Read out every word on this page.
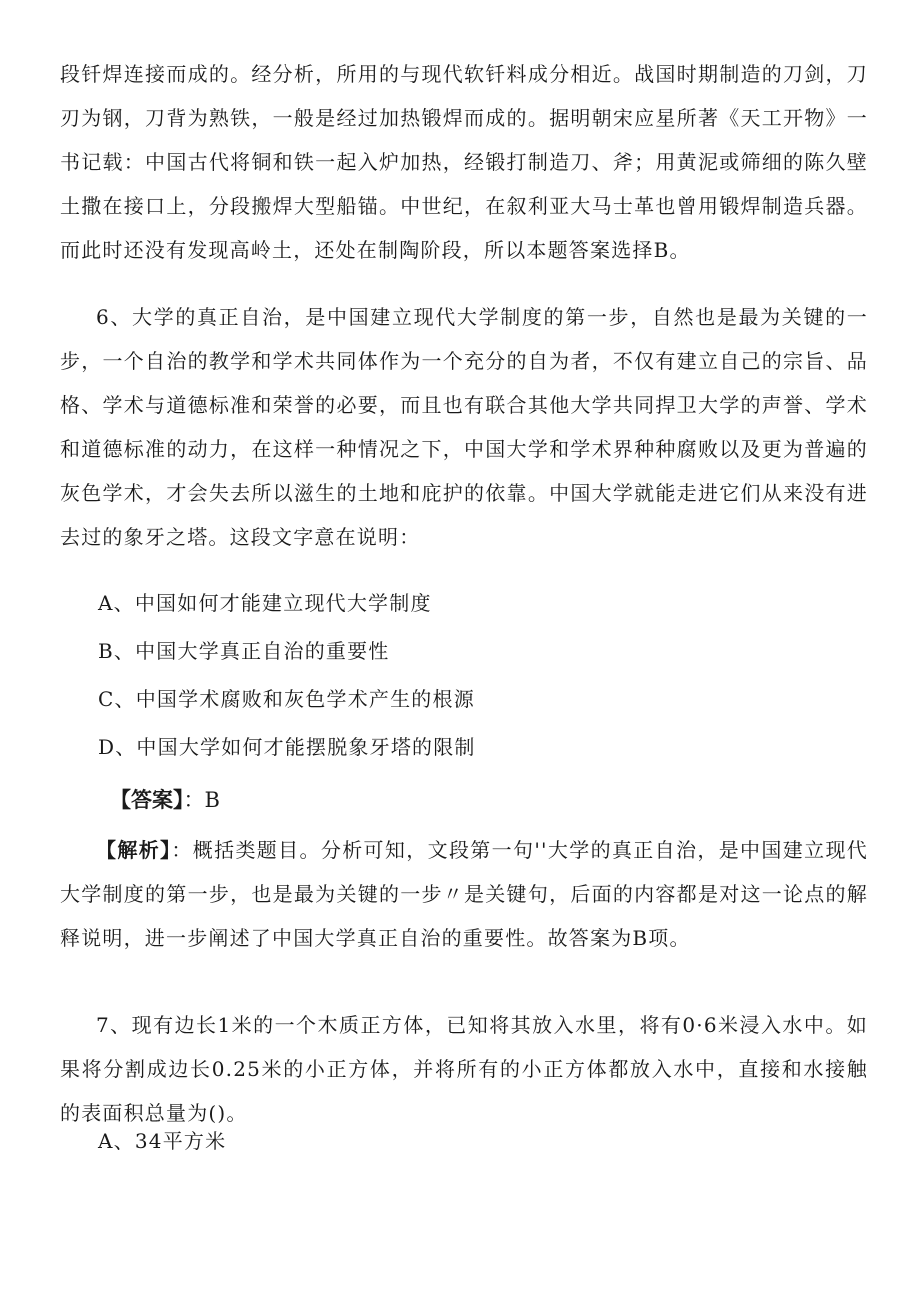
段钎焊连接而成的。经分析，所用的与现代软钎料成分相近。战国时期制造的刀剑，刀刃为钢，刀背为熟铁，一般是经过加热锻焊而成的。据明朝宋应星所著《天工开物》一书记载：中国古代将铜和铁一起入炉加热，经锻打制造刀、斧；用黄泥或筛细的陈久壁土撒在接口上，分段搬焊大型船锚。中世纪，在叙利亚大马士革也曾用锻焊制造兵器。而此时还没有发现高岭土，还处在制陶阶段，所以本题答案选择B。

6、大学的真正自治，是中国建立现代大学制度的第一步，自然也是最为关键的一步，一个自治的教学和学术共同体作为一个充分的自为者，不仅有建立自己的宗旨、品格、学术与道德标准和荣誉的必要，而且也有联合其他大学共同捍卫大学的声誉、学术和道德标准的动力，在这样一种情况之下，中国大学和学术界种种腐败以及更为普遍的灰色学术，才会失去所以滋生的土地和庇护的依靠。中国大学就能走进它们从来没有进去过的象牙之塔。这段文字意在说明：

A、中国如何才能建立现代大学制度

B、中国大学真正自治的重要性

C、中国学术腐败和灰色学术产生的根源

D、中国大学如何才能摆脱象牙塔的限制

【答案】：B

【解析】：概括类题目。分析可知，文段第一句''大学的真正自治，是中国建立现代大学制度的第一步，也是最为关键的一步〃是关键句，后面的内容都是对这一论点的解释说明，进一步阐述了中国大学真正自治的重要性。故答案为B项。

7、现有边长1米的一个木质正方体，已知将其放入水里，将有0·6米浸入水中。如果将分割成边长0.25米的小正方体，并将所有的小正方体都放入水中，直接和水接触的表面积总量为()。

A、34平方米
